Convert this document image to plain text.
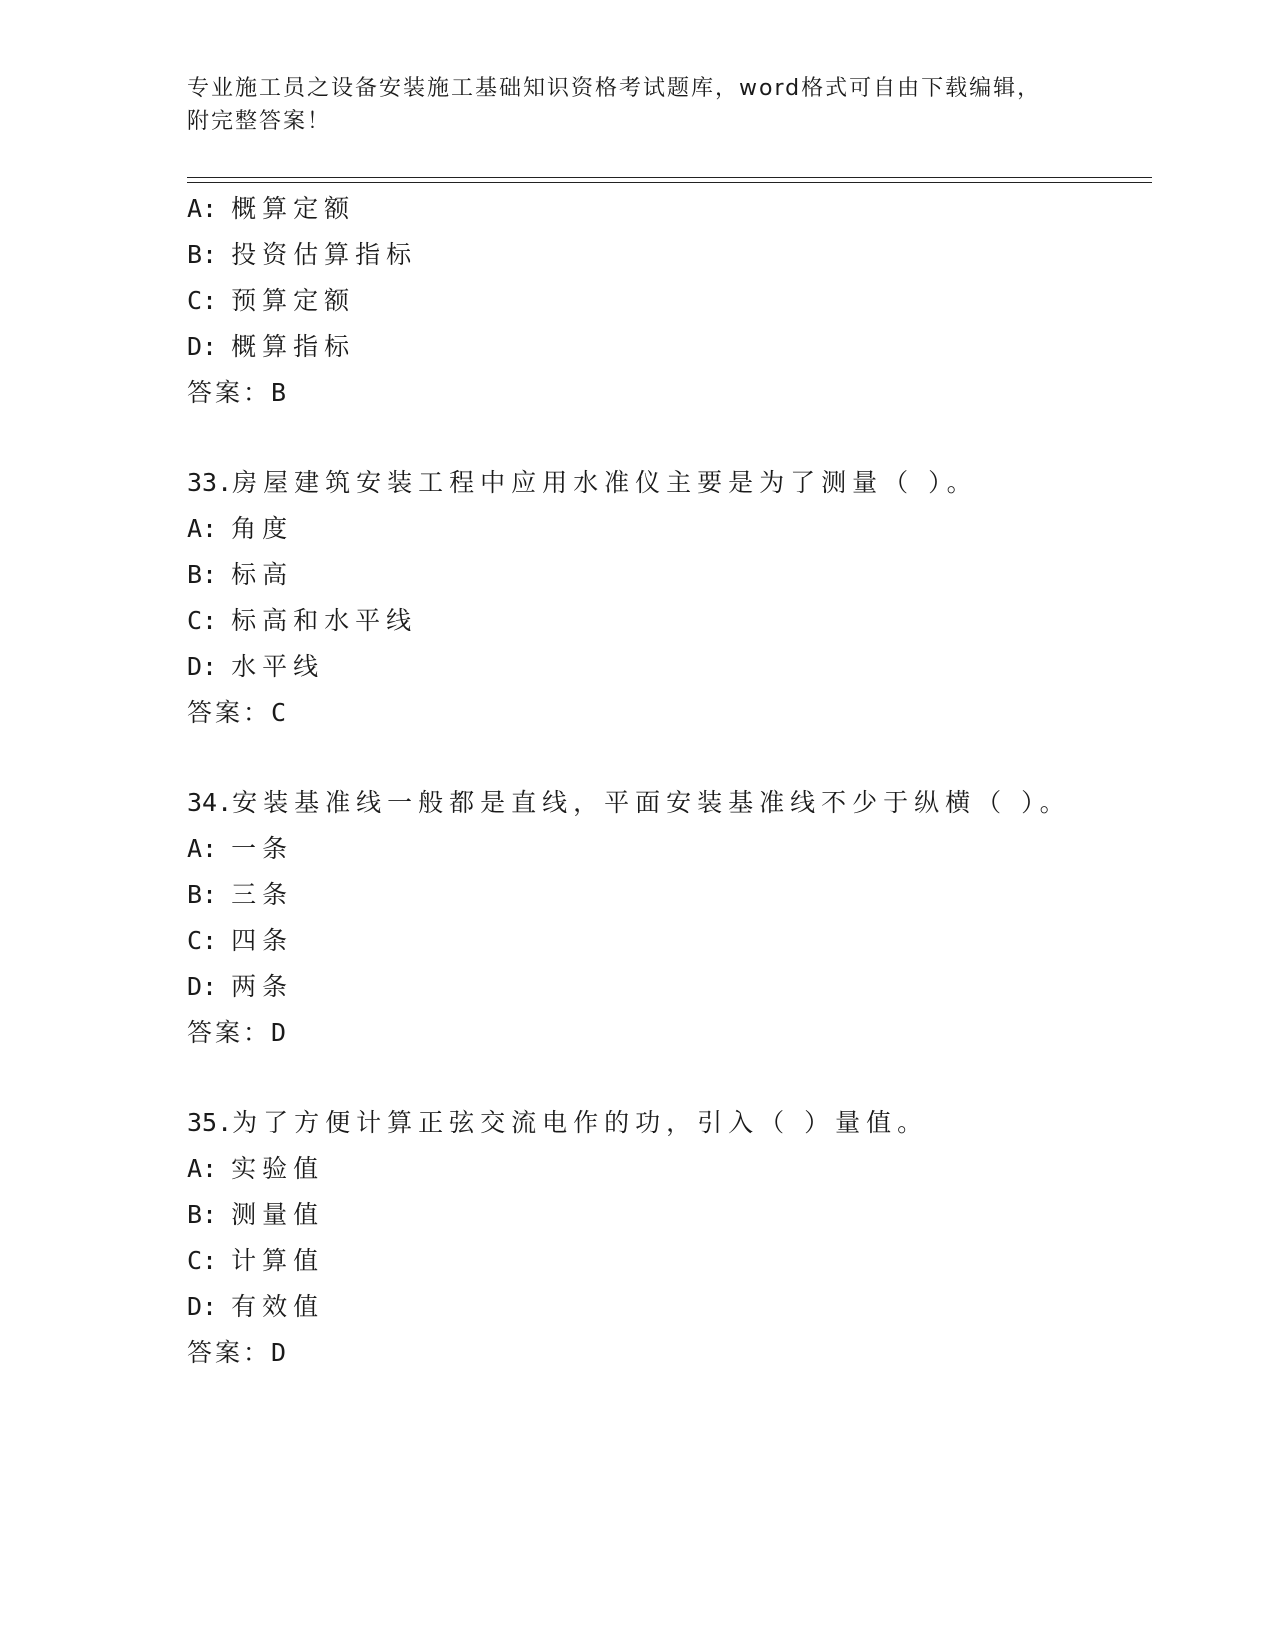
专业施工员之设备安装施工基础知识资格考试题库，word格式可自由下载编辑，
附完整答案！
A: 概算定额
B: 投资估算指标
C: 预算定额
D: 概算指标
答案：B
33.房屋建筑安装工程中应用水准仪主要是为了测量（ ）。
A: 角度
B: 标高
C: 标高和水平线
D: 水平线
答案：C
34.安装基准线一般都是直线，平面安装基准线不少于纵横（ ）。
A: 一条
B: 三条
C: 四条
D: 两条
答案：D
35.为了方便计算正弦交流电作的功，引入（ ）量值。
A: 实验值
B: 测量值
C: 计算值
D: 有效值
答案：D
